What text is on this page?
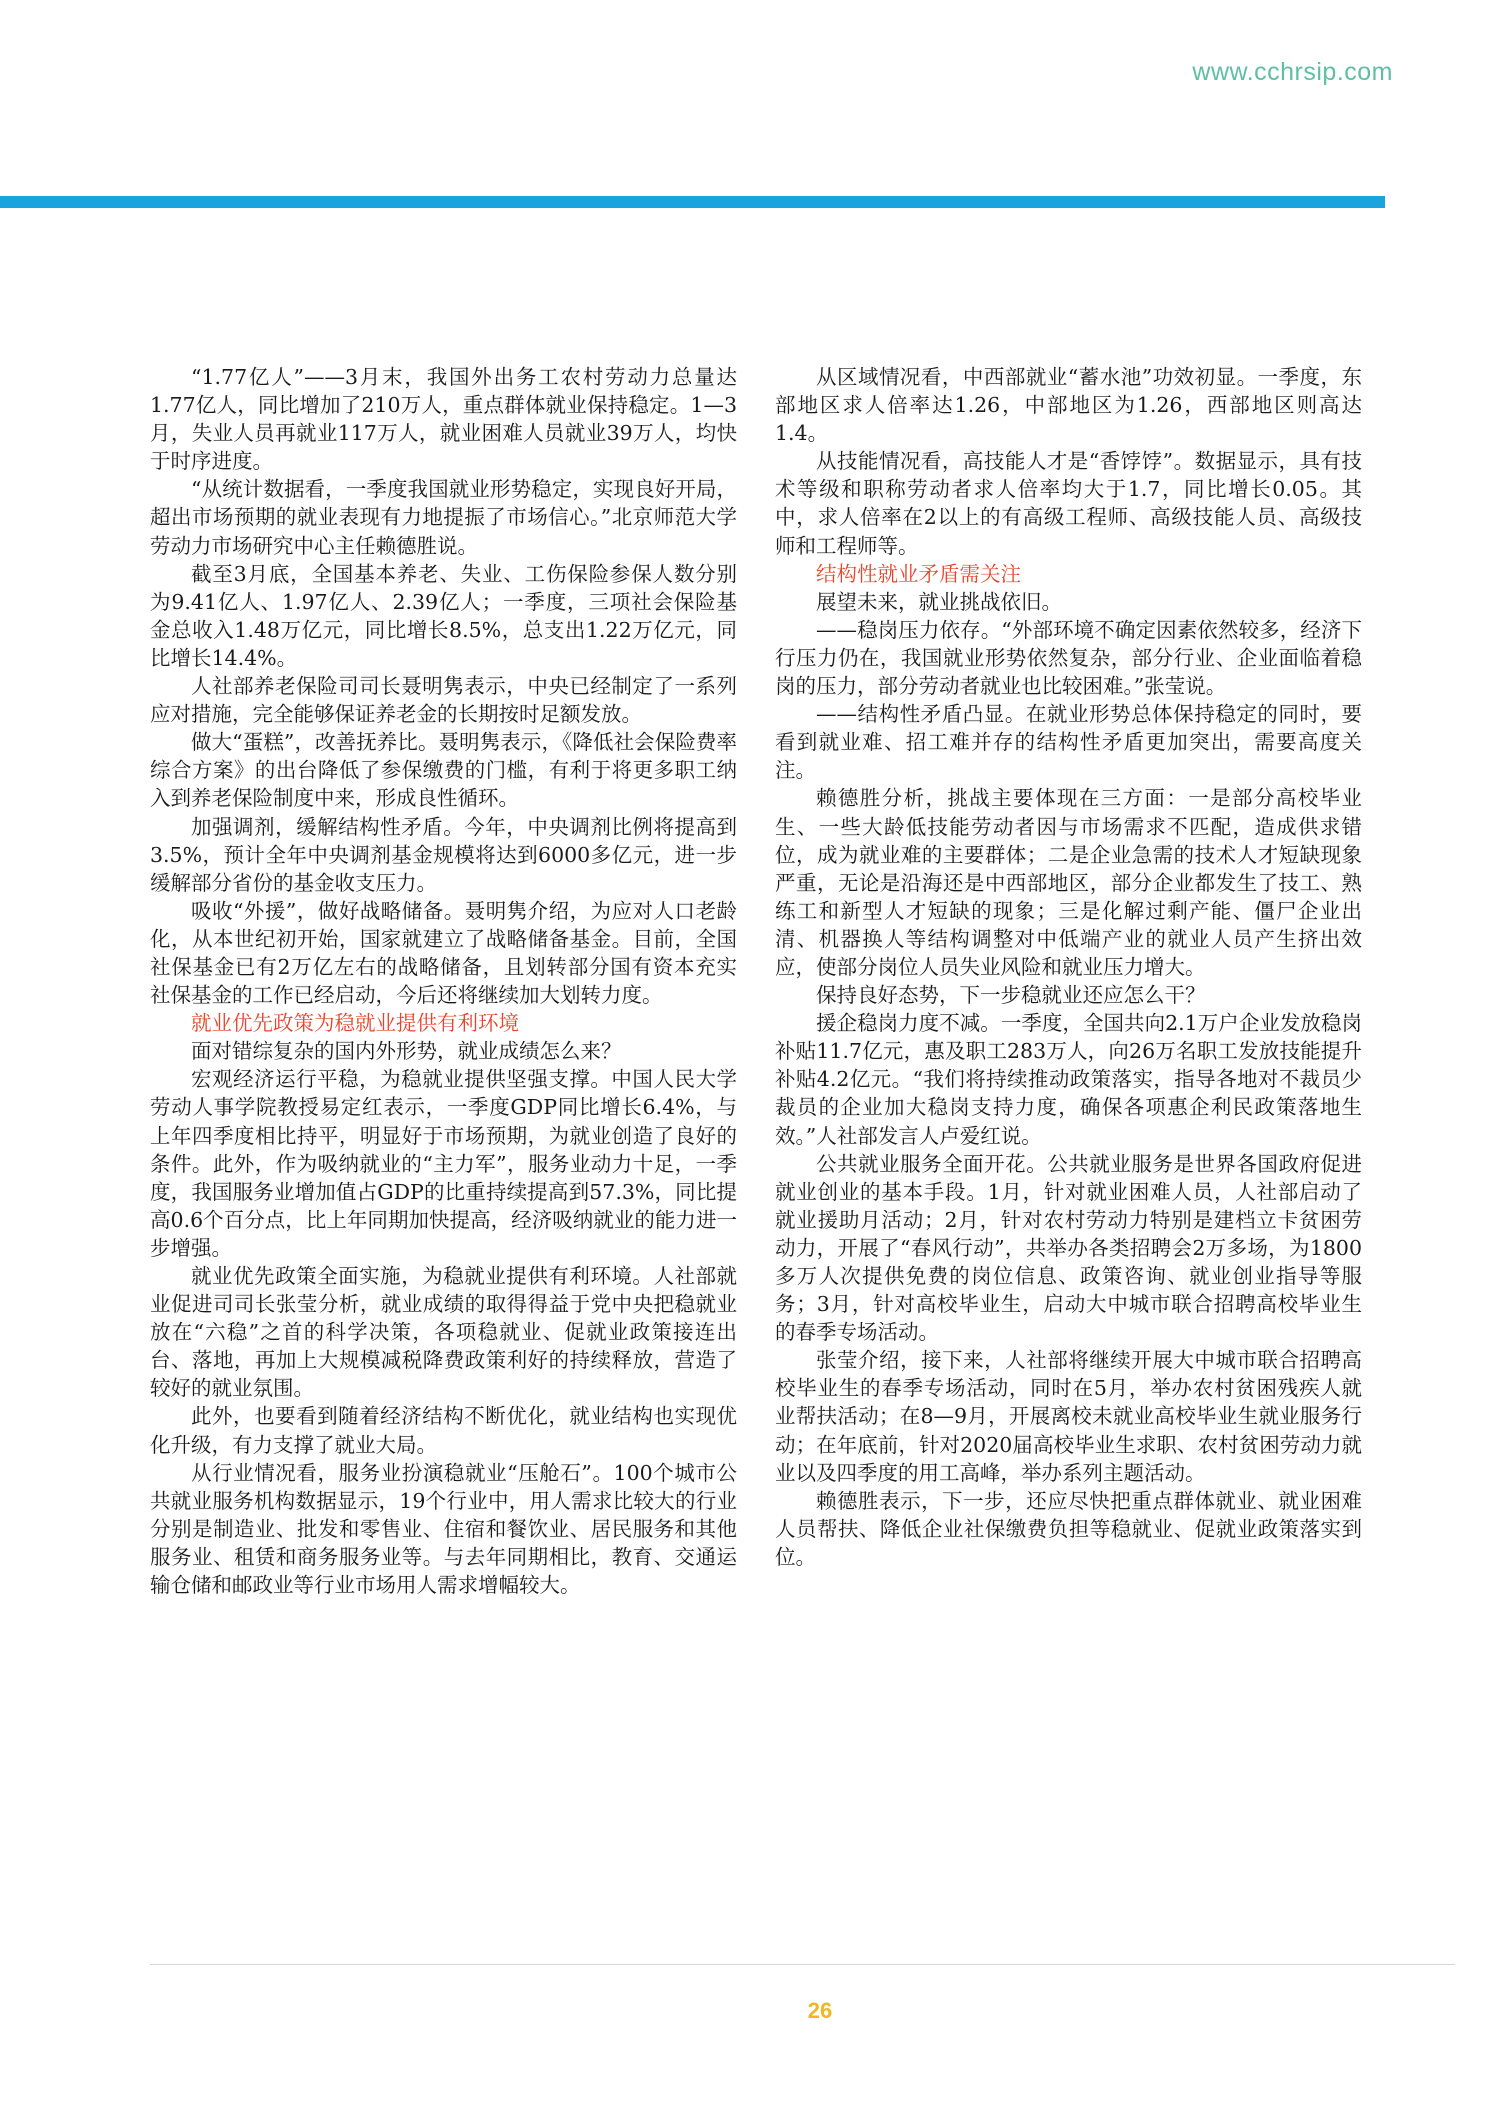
www.cchrsip.com

“1.77亿人”——3月末，我国外出务工农村劳动力总量达1.77亿人，同比增加了210万人，重点群体就业保持稳定。1—3月，失业人员再就业117万人，就业困难人员就业39万人，均快于时序进度。

“从统计数据看，一季度我国就业形势稳定，实现良好开局，超出市场预期的就业表现有力地提振了市场信心。”北京师范大学劳动力市场研究中心主任赖德胜说。

截至3月底，全国基本养老、失业、工伤保险参保人数分别为9.41亿人、1.97亿人、2.39亿人；一季度，三项社会保险基金总收入1.48万亿元，同比增长8.5%，总支出1.22万亿元，同比增长14.4%。

人社部养老保险司司长聂明隽表示，中央已经制定了一系列应对措施，完全能够保证养老金的长期按时足额发放。

做大“蛋糕”，改善抚养比。聂明隽表示，《降低社会保险费率综合方案》的出台降低了参保缴费的门槛，有利于将更多职工纳入到养老保险制度中来，形成良性循环。

加强调剂，缓解结构性矛盾。今年，中央调剂比例将提高到3.5%，预计全年中央调剂基金规模将达到6000多亿元，进一步缓解部分省份的基金收支压力。

吸收“外援”，做好战略储备。聂明隽介绍，为应对人口老龄化，从本世纪初开始，国家就建立了战略储备基金。目前，全国社保基金已有2万亿左右的战略储备，且划转部分国有资本充实社保基金的工作已经启动，今后还将继续加大划转力度。

就业优先政策为稳就业提供有利环境

面对错综复杂的国内外形势，就业成绩怎么来？

宏观经济运行平稳，为稳就业提供坚强支撑。中国人民大学劳动人事学院教授易定红表示，一季度GDP同比增长6.4%，与上年四季度相比持平，明显好于市场预期，为就业创造了良好的条件。此外，作为吸纳就业的“主力军”，服务业动力十足，一季度，我国服务业增加值占GDP的比重持续提高到57.3%，同比提高0.6个百分点，比上年同期加快提高，经济吸纳就业的能力进一步增强。

就业优先政策全面实施，为稳就业提供有利环境。人社部就业促进司司长张莹分析，就业成绩的取得得益于党中央把稳就业放在“六稳”之首的科学决策，各项稳就业、促就业政策接连出台、落地，再加上大规模减税降费政策利好的持续释放，营造了较好的就业氛围。

此外，也要看到随着经济结构不断优化，就业结构也实现优化升级，有力支撑了就业大局。

从行业情况看，服务业扮演稳就业“压舱石”。100个城市公共就业服务机构数据显示，19个行业中，用人需求比较大的行业分别是制造业、批发和零售业、住宿和餐饮业、居民服务和其他服务业、租赁和商务服务业等。与去年同期相比，教育、交通运输仓储和邮政业等行业市场用人需求增幅较大。

从区域情况看，中西部就业“蓄水池”功效初显。一季度，东部地区求人倍率达1.26，中部地区为1.26，西部地区则高达1.4。

从技能情况看，高技能人才是“香饽饽”。数据显示，具有技术等级和职称劳动者求人倍率均大于1.7，同比增长0.05。其中，求人倍率在2以上的有高级工程师、高级技能人员、高级技师和工程师等。

结构性就业矛盾需关注

展望未来，就业挑战依旧。

——稳岗压力依存。“外部环境不确定因素依然较多，经济下行压力仍在，我国就业形势依然复杂，部分行业、企业面临着稳岗的压力，部分劳动者就业也比较困难。”张莹说。

——结构性矛盾凸显。在就业形势总体保持稳定的同时，要看到就业难、招工难并存的结构性矛盾更加突出，需要高度关注。

赖德胜分析，挑战主要体现在三方面：一是部分高校毕业生、一些大龄低技能劳动者因与市场需求不匹配，造成供求错位，成为就业难的主要群体；二是企业急需的技术人才短缺现象严重，无论是沿海还是中西部地区，部分企业都发生了技工、熟练工和新型人才短缺的现象；三是化解过剩产能、僵尸企业出清、机器换人等结构调整对中低端产业的就业人员产生挤出效应，使部分岗位人员失业风险和就业压力增大。

保持良好态势，下一步稳就业还应怎么干？

援企稳岗力度不减。一季度，全国共向2.1万户企业发放稳岗补贴11.7亿元，惠及职工283万人，向26万名职工发放技能提升补贴4.2亿元。“我们将持续推动政策落实，指导各地对不裁员少裁员的企业加大稳岗支持力度，确保各项惠企利民政策落地生效。”人社部发言人卢爱红说。

公共就业服务全面开花。公共就业服务是世界各国政府促进就业创业的基本手段。1月，针对就业困难人员，人社部启动了就业援助月活动；2月，针对农村劳动力特别是建档立卡贫困劳动力，开展了“春风行动”，共举办各类招聘会2万多场，为1800多万人次提供免费的岗位信息、政策咨询、就业创业指导等服务；3月，针对高校毕业生，启动大中城市联合招聘高校毕业生的春季专场活动。

张莹介绍，接下来，人社部将继续开展大中城市联合招聘高校毕业生的春季专场活动，同时在5月，举办农村贫困残疾人就业帮扶活动；在8—9月，开展离校未就业高校毕业生就业服务行动；在年底前，针对2020届高校毕业生求职、农村贫困劳动力就业以及四季度的用工高峰，举办系列主题活动。

赖德胜表示，下一步，还应尽快把重点群体就业、就业困难人员帮扶、降低企业社保缴费负担等稳就业、促就业政策落实到位。

26
